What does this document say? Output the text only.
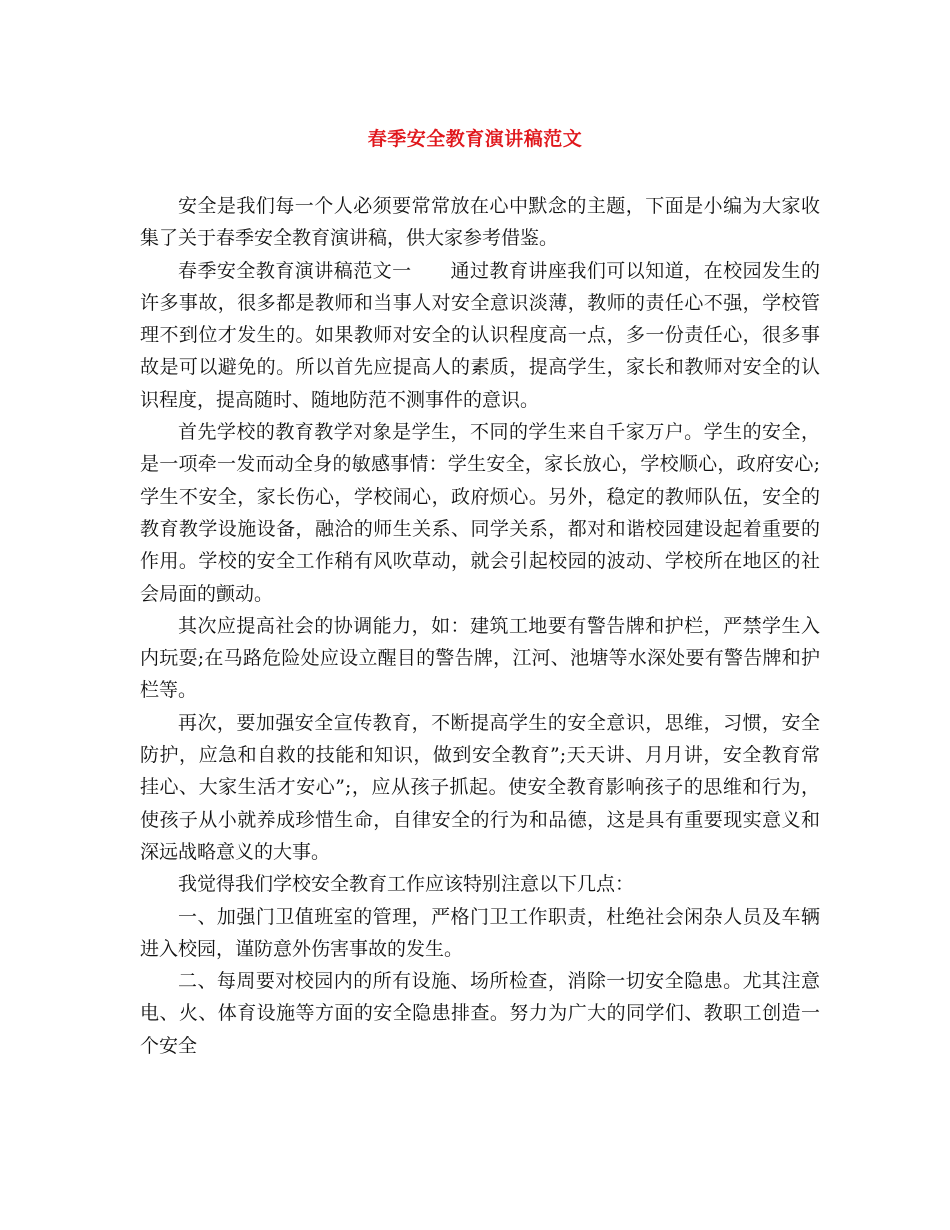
春季安全教育演讲稿范文

安全是我们每一个人必须要常常放在心中默念的主题，下面是小编为大家收集了关于春季安全教育演讲稿，供大家参考借鉴。

春季安全教育演讲稿范文一　　通过教育讲座我们可以知道，在校园发生的许多事故，很多都是教师和当事人对安全意识淡薄，教师的责任心不强，学校管理不到位才发生的。如果教师对安全的认识程度高一点，多一份责任心，很多事故是可以避免的。所以首先应提高人的素质，提高学生，家长和教师对安全的认识程度，提高随时、随地防范不测事件的意识。

首先学校的教育教学对象是学生，不同的学生来自千家万户。学生的安全，是一项牵一发而动全身的敏感事情：学生安全，家长放心，学校顺心，政府安心;学生不安全，家长伤心，学校闹心，政府烦心。另外，稳定的教师队伍，安全的教育教学设施设备，融洽的师生关系、同学关系，都对和谐校园建设起着重要的作用。学校的安全工作稍有风吹草动，就会引起校园的波动、学校所在地区的社会局面的颤动。

其次应提高社会的协调能力，如：建筑工地要有警告牌和护栏，严禁学生入内玩耍;在马路危险处应设立醒目的警告牌，江河、池塘等水深处要有警告牌和护栏等。

再次，要加强安全宣传教育，不断提高学生的安全意识，思维，习惯，安全防护，应急和自救的技能和知识，做到安全教育”;天天讲、月月讲，安全教育常挂心、大家生活才安心”;，应从孩子抓起。使安全教育影响孩子的思维和行为，使孩子从小就养成珍惜生命，自律安全的行为和品德，这是具有重要现实意义和深远战略意义的大事。

我觉得我们学校安全教育工作应该特别注意以下几点：

一、加强门卫值班室的管理，严格门卫工作职责，杜绝社会闲杂人员及车辆进入校园，谨防意外伤害事故的发生。

二、每周要对校园内的所有设施、场所检查，消除一切安全隐患。尤其注意电、火、体育设施等方面的安全隐患排查。努力为广大的同学们、教职工创造一个安全
